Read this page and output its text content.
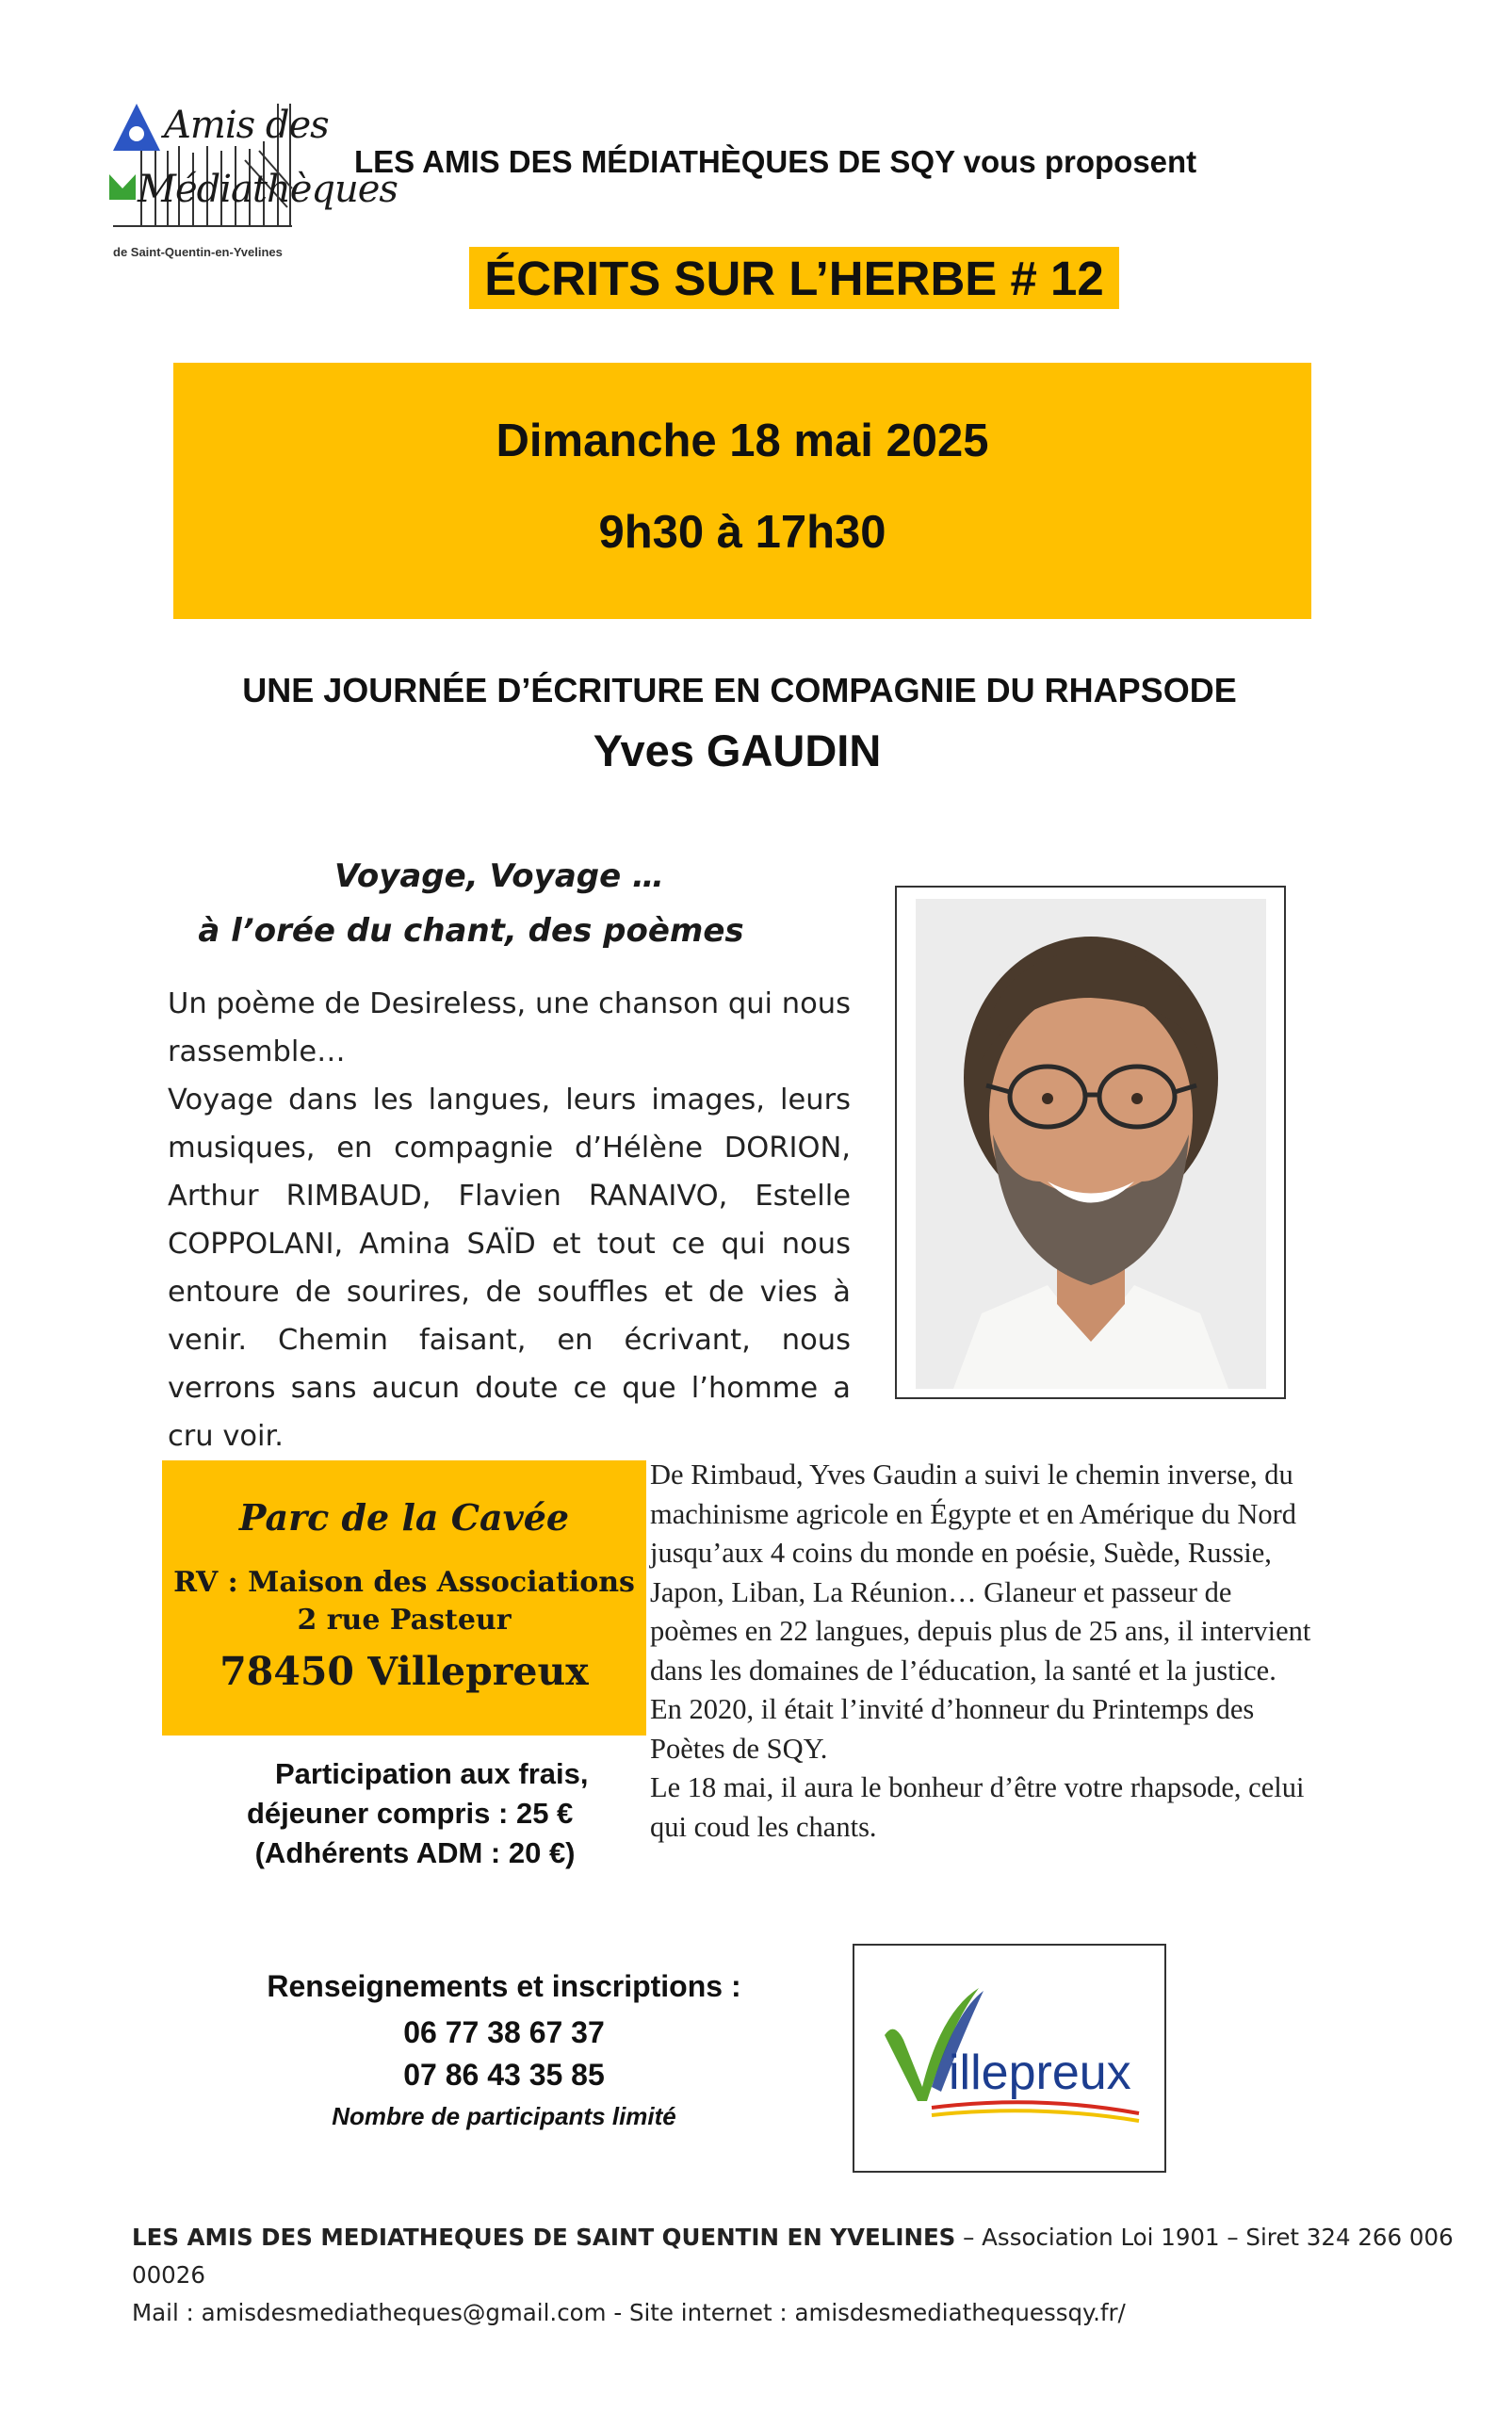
Amis des
Médiathèques
de Saint-Quentin-en-Yvelines
LES AMIS DES MÉDIATHÈQUES DE SQY vous proposent
ÉCRITS SUR L’HERBE # 12
Dimanche 18 mai 2025
9h30 à 17h30
UNE JOURNÉE D’ÉCRITURE EN COMPAGNIE DU RHAPSODE
Yves GAUDIN
Voyage, Voyage …
à l’orée du chant, des poèmes

Un poème de Desireless, une chanson qui nous rassemble…

Voyage dans les langues, leurs images, leurs musiques, en compagnie d’Hélène DORION, Arthur RIMBAUD, Flavien RANAIVO, Estelle COPPOLANI, Amina SAÏD et tout ce qui nous entoure de sourires, de souffles et de vies à venir. Chemin faisant, en écrivant, nous verrons sans aucun doute ce que l’homme a cru voir.

Parc de la Cavée
RV : Maison des Associations
2 rue Pasteur
78450 Villepreux
Participation aux frais,
déjeuner compris : 25 €
(Adhérents ADM : 20 €)

De Rimbaud, Yves Gaudin a suivi le chemin inverse, du machinisme agricole en Égypte et en Amérique du Nord jusqu’aux 4 coins du monde en poésie, Suède, Russie, Japon, Liban, La Réunion… Glaneur et passeur de poèmes en 22 langues, depuis plus de 25 ans, il intervient dans les domaines de l’éducation, la santé et la justice. En 2020, il était l’invité d’honneur du Printemps des Poètes de SQY.

Le 18 mai, il aura le bonheur d’être votre rhapsode, celui qui coud les chants.

Renseignements et inscriptions :
06 77 38 67 37
07 86 43 35 85
Nombre de participants limité
illepreux
LES AMIS DES MEDIATHEQUES DE SAINT QUENTIN EN YVELINES – Association Loi 1901 – Siret 324 266 006 00026
Mail : amisdesmediatheques@gmail.com - Site internet : amisdesmediathequessqy.fr/
